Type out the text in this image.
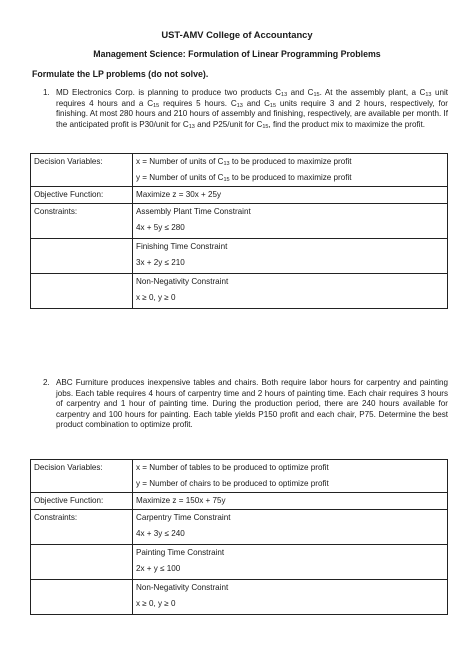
UST-AMV College of Accountancy
Management Science: Formulation of Linear Programming Problems
Formulate the LP problems (do not solve).
1. MD Electronics Corp. is planning to produce two products $C_{13}$ and $C_{15}$. At the assembly plant, a $C_{13}$ unit requires 4 hours and a $C_{15}$ requires 5 hours. $C_{13}$ and $C_{15}$ units require 3 and 2 hours, respectively, for finishing. At most 280 hours and 210 hours of assembly and finishing, respectively, are available per month. If the anticipated profit is P30/unit for $C_{13}$ and P25/unit for $C_{15}$, find the product mix to maximize the profit.
Decision Variables:	x = Number of units of $C_{13}$ to be produced to maximize profit
y = Number of units of $C_{15}$ to be produced to maximize profit

Objective Function:	Maximize z = 30x + 25y
Constraints:	Assembly Plant Time Constraint
4x + 5y ≤ 280

	Finishing Time Constraint
3x + 2y ≤ 210

	Non-Negativity Constraint
x ≥ 0, y ≥ 0
2. ABC Furniture produces inexpensive tables and chairs. Both require labor hours for carpentry and painting jobs. Each table requires 4 hours of carpentry time and 2 hours of painting time. Each chair requires 3 hours of carpentry and 1 hour of painting time. During the production period, there are 240 hours available for carpentry and 100 hours for painting. Each table yields P150 profit and each chair, P75. Determine the best product combination to optimize profit.
Decision Variables:	x = Number of tables to be produced to optimize profit
y = Number of chairs to be produced to optimize profit

Objective Function:	Maximize z = 150x + 75y
Constraints:	Carpentry Time Constraint
4x + 3y ≤ 240

	Painting Time Constraint
2x + y ≤ 100

	Non-Negativity Constraint
x ≥ 0, y ≥ 0
